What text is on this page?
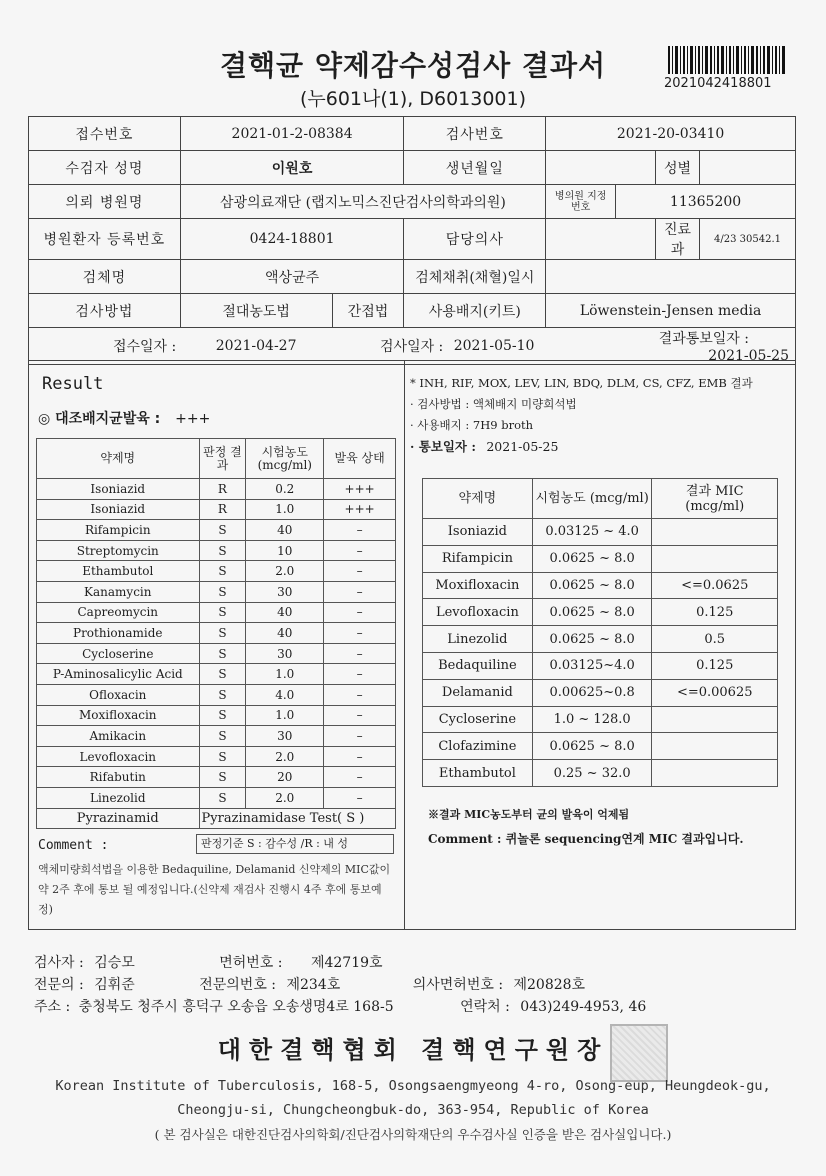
결핵균 약제감수성검사 결과서
(누601나(1), D6013001)
2021042418801
접수번호	2021-01-2-08384	검사번호	2021-20-03410
수검자 성명	이원호	생년월일		성별	
의뢰 병원명	삼광의료재단 (랩지노믹스진단검사의학과의원)	병의원 지정번호	11365200
병원환자 등록번호	0424-18801	담당의사		진료과	4/23 30542.1
검체명	액상균주	검체채취(채혈)일시	
검사방법	절대농도법	간접법	사용배지(키트)	Löwenstein-Jensen media
접수일자 :	2021-04-27	검사일자 :	2021-05-10	결과통보일자 : 2021-05-25
Result
◎ 대조배지균발육 : +++
약제명	판정 결과	시험농도 (mcg/ml)	발육 상태
Isoniazid	R	0.2	+++
Isoniazid	R	1.0	+++
Rifampicin	S	40	–
Streptomycin	S	10	–
Ethambutol	S	2.0	–
Kanamycin	S	30	–
Capreomycin	S	40	–
Prothionamide	S	40	–
Cycloserine	S	30	–
P-Aminosalicylic Acid	S	1.0	–
Ofloxacin	S	4.0	–
Moxifloxacin	S	1.0	–
Amikacin	S	30	–
Levofloxacin	S	2.0	–
Rifabutin	S	20	–
Linezolid	S	2.0	–
Pyrazinamid	Pyrazinamidase Test( S )		
Comment :	판정기준 S : 감수성 /R : 내 성
액체미량희석법을 이용한 Bedaquiline, Delamanid 신약제의 MIC값이 약 2주 후에 통보 될 예정입니다.(신약제 재검사 진행시 4주 후에 통보예정)
* INH, RIF, MOX, LEV, LIN, BDQ, DLM, CS, CFZ, EMB 결과
· 검사방법 : 액체배지 미량희석법
· 사용배지 : 7H9 broth
· 통보일자 : 2021-05-25
약제명	시험농도 (mcg/ml)	결과 MIC (mcg/ml)
Isoniazid	0.03125 ~ 4.0	
Rifampicin	0.0625 ~ 8.0	
Moxifloxacin	0.0625 ~ 8.0	<=0.0625
Levofloxacin	0.0625 ~ 8.0	0.125
Linezolid	0.0625 ~ 8.0	0.5
Bedaquiline	0.03125~4.0	0.125
Delamanid	0.00625~0.8	<=0.00625
Cycloserine	1.0 ~ 128.0	
Clofazimine	0.0625 ~ 8.0	
Ethambutol	0.25 ~ 32.0	
※결과 MIC농도부터 균의 발육이 억제됨
Comment : 퀴놀론 sequencing연계 MIC 결과입니다.
검사자 : 김승모	면허번호 : 제42719호
전문의 : 김휘준	전문의번호 : 제234호	의사면허번호 : 제20828호
주소 : 충청북도 청주시 흥덕구 오송읍 오송생명4로 168-5	연락처 : 043)249-4953, 46
대한결핵협회 결핵연구원장
Korean Institute of Tuberculosis, 168-5, Osongsaengmyeong 4-ro, Osong-eup, Heungdeok-gu,
Cheongju-si, Chungcheongbuk-do, 363-954, Republic of Korea
( 본 검사실은 대한진단검사의학회/진단검사의학재단의 우수검사실 인증을 받은 검사실입니다.)
